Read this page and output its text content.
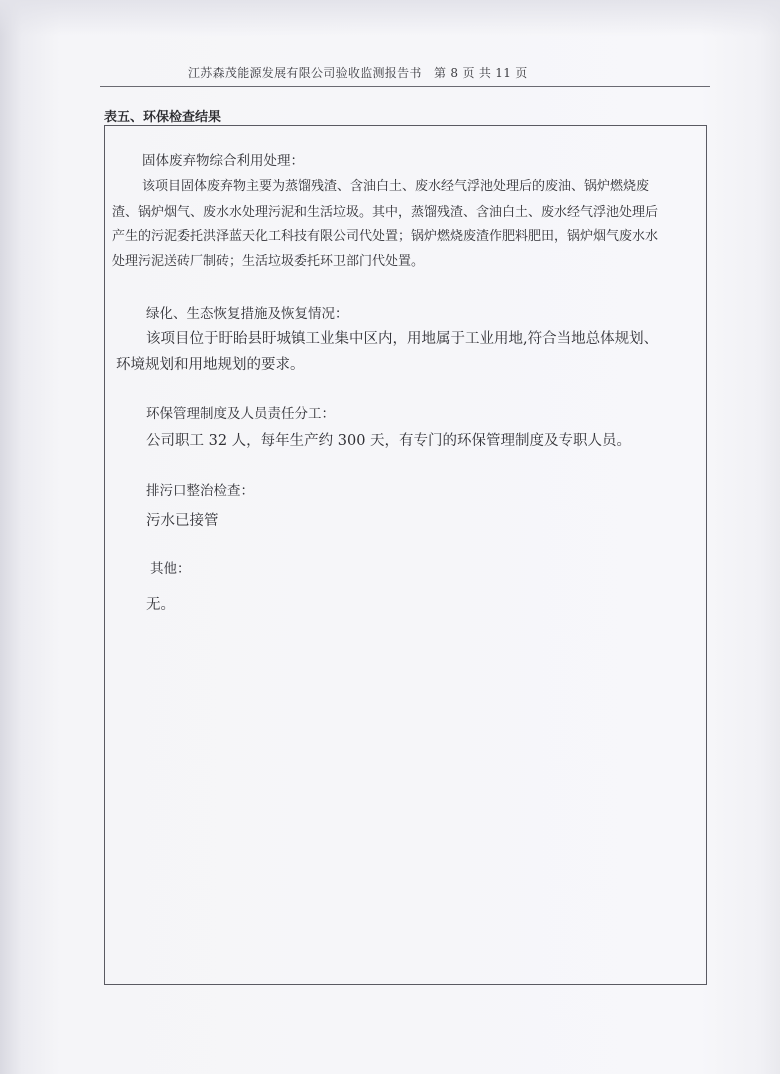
江苏森茂能源发展有限公司验收监测报告书　第 8 页 共 11 页
表五、环保检查结果
固体废弃物综合利用处理：
该项目固体废弃物主要为蒸馏残渣、含油白土、废水经气浮池处理后的废油、锅炉燃烧废
渣、锅炉烟气、废水水处理污泥和生活垃圾。其中，蒸馏残渣、含油白土、废水经气浮池处理后
产生的污泥委托洪泽蓝天化工科技有限公司代处置；锅炉燃烧废渣作肥料肥田，锅炉烟气废水水
处理污泥送砖厂制砖；生活垃圾委托环卫部门代处置。
绿化、生态恢复措施及恢复情况：
该项目位于盱眙县盱城镇工业集中区内，用地属于工业用地,符合当地总体规划、
环境规划和用地规划的要求。
环保管理制度及人员责任分工：
公司职工 32 人，每年生产约 300 天，有专门的环保管理制度及专职人员。
排污口整治检查：
污水已接管
其他：
无。
